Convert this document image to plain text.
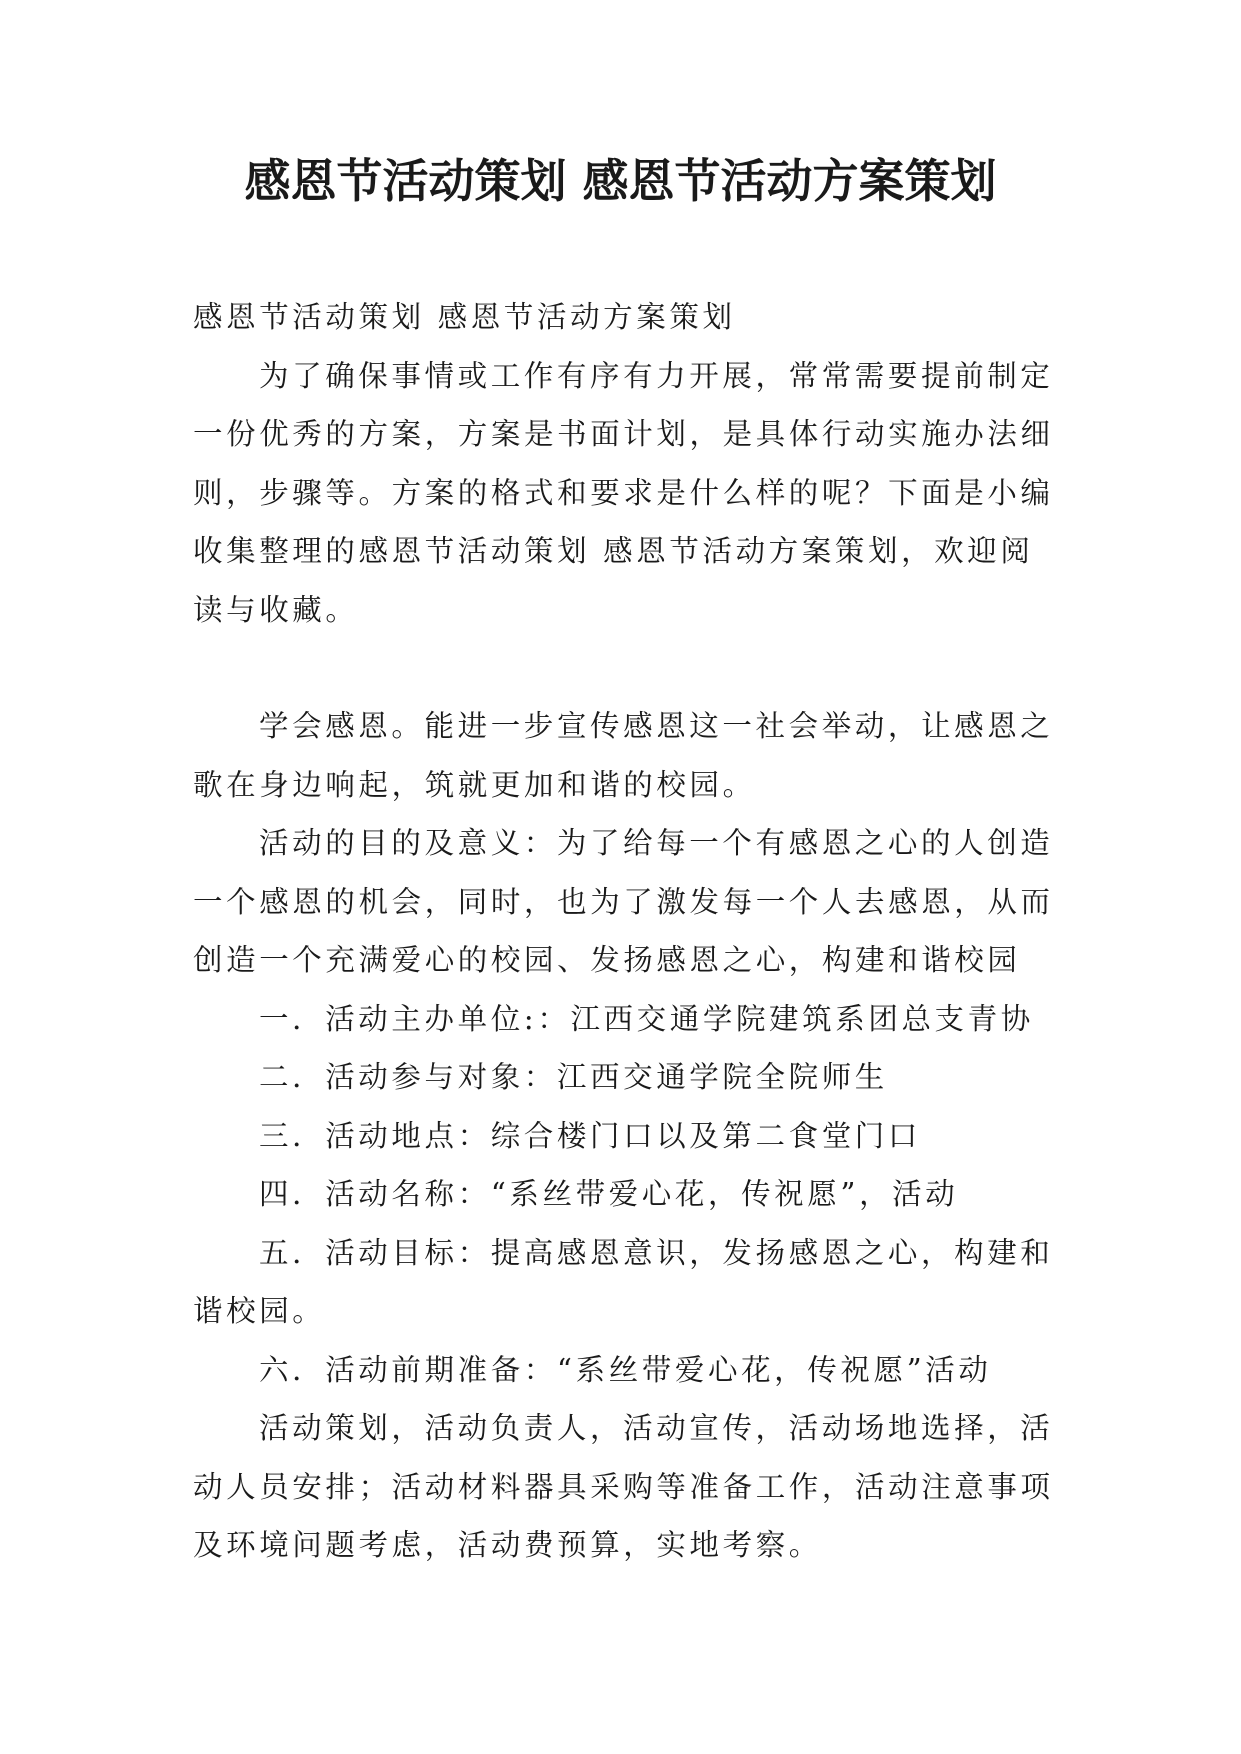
感恩节活动策划 感恩节活动方案策划

感恩节活动策划 感恩节活动方案策划

为了确保事情或工作有序有力开展，常常需要提前制定一份优秀的方案，方案是书面计划，是具体行动实施办法细则，步骤等。方案的格式和要求是什么样的呢？下面是小编收集整理的感恩节活动策划 感恩节活动方案策划，欢迎阅读与收藏。

学会感恩。能进一步宣传感恩这一社会举动，让感恩之歌在身边响起，筑就更加和谐的校园。

活动的目的及意义：为了给每一个有感恩之心的人创造一个感恩的机会，同时，也为了激发每一个人去感恩，从而创造一个充满爱心的校园、发扬感恩之心，构建和谐校园

一．活动主办单位:：江西交通学院建筑系团总支青协

二．活动参与对象：江西交通学院全院师生

三．活动地点：综合楼门口以及第二食堂门口

四．活动名称：“系丝带爱心花，传祝愿”，活动

五．活动目标：提高感恩意识，发扬感恩之心，构建和谐校园。

六．活动前期准备：“系丝带爱心花，传祝愿”活动

活动策划，活动负责人，活动宣传，活动场地选择，活动人员安排；活动材料器具采购等准备工作，活动注意事项及环境问题考虑，活动费预算，实地考察。
